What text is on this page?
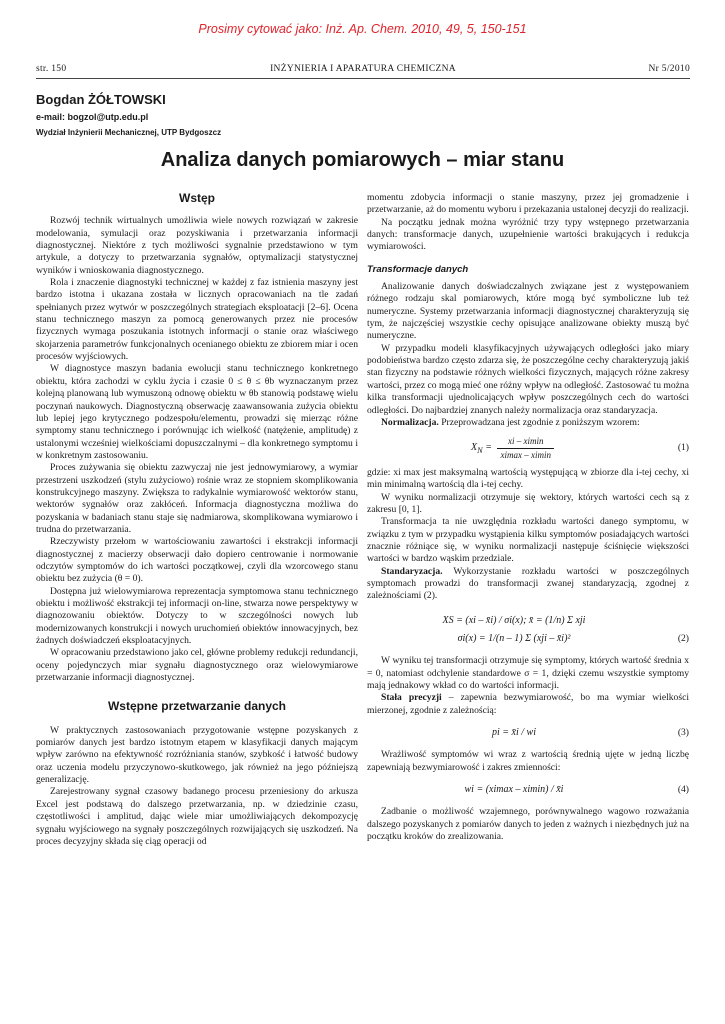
Prosimy cytować jako: Inż. Ap. Chem. 2010, 49, 5, 150-151
INŻYNIERIA I APARATURA CHEMICZNA
str. 150	Nr 5/2010
Bogdan ŻÓŁTOWSKI
e-mail: bogzol@utp.edu.pl
Wydział Inżynierii Mechanicznej, UTP Bydgoszcz
Analiza danych pomiarowych – miar stanu
Wstęp

Rozwój technik wirtualnych umożliwia wiele nowych rozwiązań w zakresie modelowania, symulacji oraz pozyskiwania i przetwarzania informacji diagnostycznej. Niektóre z tych możliwości sygnalnie przedstawiono w tym artykule, a dotyczy to przetwarzania sygnałów, optymalizacji statystycznej wyników i wnioskowania diagnostycznego.

Rola i znaczenie diagnostyki technicznej w każdej z faz istnienia maszyny jest bardzo istotna i ukazana została w licznych opracowaniach na tle zadań spełnianych przez wytwór w poszczególnych strategiach eksploatacji [2–6]. Ocena stanu technicznego maszyn za pomocą generowanych przez nie procesów fizycznych wymaga poszukania istotnych informacji o stanie oraz właściwego skojarzenia parametrów funkcjonalnych ocenianego obiektu ze zbiorem miar i ocen procesów wyjściowych.

W diagnostyce maszyn badania ewolucji stanu technicznego konkretnego obiektu, która zachodzi w cyklu życia i czasie 0 ≤ θ ≤ θb wyznaczanym przez kolejną planowaną lub wymuszoną odnowę obiektu w θb stanowią podstawę wielu poczynań naukowych. Diagnostyczną obserwację zaawansowania zużycia obiektu lub lepiej jego krytycznego podzespołu/elementu, prowadzi się mierząc różne symptomy stanu technicznego i porównując ich wielkość (natężenie, amplitudę) z ustalonymi wcześniej wielkościami dopuszczalnymi – dla konkretnego symptomu i w konkretnym zastosowaniu.

Proces zużywania się obiektu zazwyczaj nie jest jednowymiarowy, a wymiar przestrzeni uszkodzeń (stylu zużyciowo) rośnie wraz ze stopniem skomplikowania konstrukcyjnego maszyny. Zwiększa to radykalnie wymiarowość wektorów stanu, wektorów sygnałów oraz zakłóceń. Informacja diagnostyczna możliwa do pozyskania w badaniach stanu staje się nadmiarowa, skomplikowana wymiarowo i trudna do przetwarzania.

Rzeczywisty przełom w wartościowaniu zawartości i ekstrakcji informacji diagnostycznej z macierzy obserwacji dało dopiero centrowanie i normowanie odczytów symptomów do ich wartości początkowej, czyli dla wzorcowego stanu obiektu bez zużycia (θ = 0).

Dostępna już wielowymiarowa reprezentacja symptomowa stanu technicznego obiektu i możliwość ekstrakcji tej informacji on-line, stwarza nowe perspektywy w diagnozowaniu obiektów. Dotyczy to w szczególności nowych lub modernizowanych konstrukcji i nowych uruchomień obiektów innowacyjnych, bez żadnych doświadczeń eksploatacyjnych.

W opracowaniu przedstawiono jako cel, główne problemy redukcji redundancji, oceny pojedynczych miar sygnału diagnostycznego oraz wielowymiarowe przetwarzanie informacji diagnostycznej.

Wstępne przetwarzanie danych

W praktycznych zastosowaniach przygotowanie wstępne pozyskanych z pomiarów danych jest bardzo istotnym etapem w klasyfikacji danych mającym wpływ zarówno na efektywność rozróżniania stanów, szybkość i łatwość budowy oraz uczenia modelu przyczynowo-skutkowego, jak również na jego późniejszą generalizację.

Zarejestrowany sygnał czasowy badanego procesu przeniesiony do arkusza Excel jest podstawą do dalszego przetwarzania, np. w dziedzinie czasu, częstotliwości i amplitud, dając wiele miar umożliwiających dekompozycję sygnału wyjściowego na sygnały poszczególnych rozwijających się uszkodzeń. Na proces decyzyjny składa się ciąg operacji od

momentu zdobycia informacji o stanie maszyny, przez jej gromadzenie i przetwarzanie, aż do momentu wyboru i przekazania ustalonej decyzji do realizacji.

Na początku jednak można wyróżnić trzy typy wstępnego przetwarzania danych: transformacje danych, uzupełnienie wartości brakujących i redukcja wymiarowości.

Transformacje danych

Analizowanie danych doświadczalnych związane jest z występowaniem różnego rodzaju skal pomiarowych, które mogą być symboliczne lub też numeryczne. Systemy przetwarzania informacji diagnostycznej charakteryzują się tym, że najczęściej wszystkie cechy opisujące analizowane obiekty muszą być numeryczne.

W przypadku modeli klasyfikacyjnych używających odległości jako miary podobieństwa bardzo często zdarza się, że poszczególne cechy charakteryzują jakiś stan fizyczny na podstawie różnych wielkości fizycznych, mających różne zakresy wartości, przez co mogą mieć one różny wpływ na odległość. Zastosować tu można kilka transformacji ujednolicających wpływ poszczególnych cech do wartości odległości. Do najbardziej znanych należy normalizacja oraz standaryzacja.

Normalizacja. Przeprowadzana jest zgodnie z poniższym wzorem:

$X_N = \frac{xi - ximin}{ximax - ximin}$	(1)

gdzie: xi max jest maksymalną wartością występującą w zbiorze dla i-tej cechy, xi min minimalną wartością dla i-tej cechy.

W wyniku normalizacji otrzymuje się wektory, których wartości cech są z zakresu [0, 1].

Transformacja ta nie uwzględnia rozkładu wartości danego symptomu, w związku z tym w przypadku wystąpienia kilku symptomów posiadających wartości znacznie różniące się, w wyniku normalizacji następuje ściśnięcie większości wartości w bardzo wąskim przedziale.

Standaryzacja. Wykorzystanie rozkładu wartości w poszczególnych symptomach prowadzi do transformacji zwanej standaryzacją, zgodnej z zależnościami (2).

XS = (xi – x̄i) / σi(x); x̄ = (1/n) Σ xji
σi(x) = 1/(n – 1) Σ (xji – x̄i)²	(2)

W wyniku tej transformacji otrzymuje się symptomy, których wartość średnia x = 0, natomiast odchylenie standardowe σ = 1, dzięki czemu wszystkie symptomy mają jednakowy wkład co do wartości informacji.

Stała precyzji – zapewnia bezwymiarowość, bo ma wymiar wielkości mierzonej, zgodnie z zależnością:

pi = x̄i / wi	(3)

Wrażliwość symptomów wi wraz z wartością średnią ujęte w jedną liczbę zapewniają bezwymiarowość i zakres zmienności:

wi = (ximax – ximin) / x̄i	(4)

Zadbanie o możliwość wzajemnego, porównywalnego wagowo rozważania dalszego pozyskanych z pomiarów danych to jeden z ważnych i niezbędnych już na początku kroków do zrealizowania.
